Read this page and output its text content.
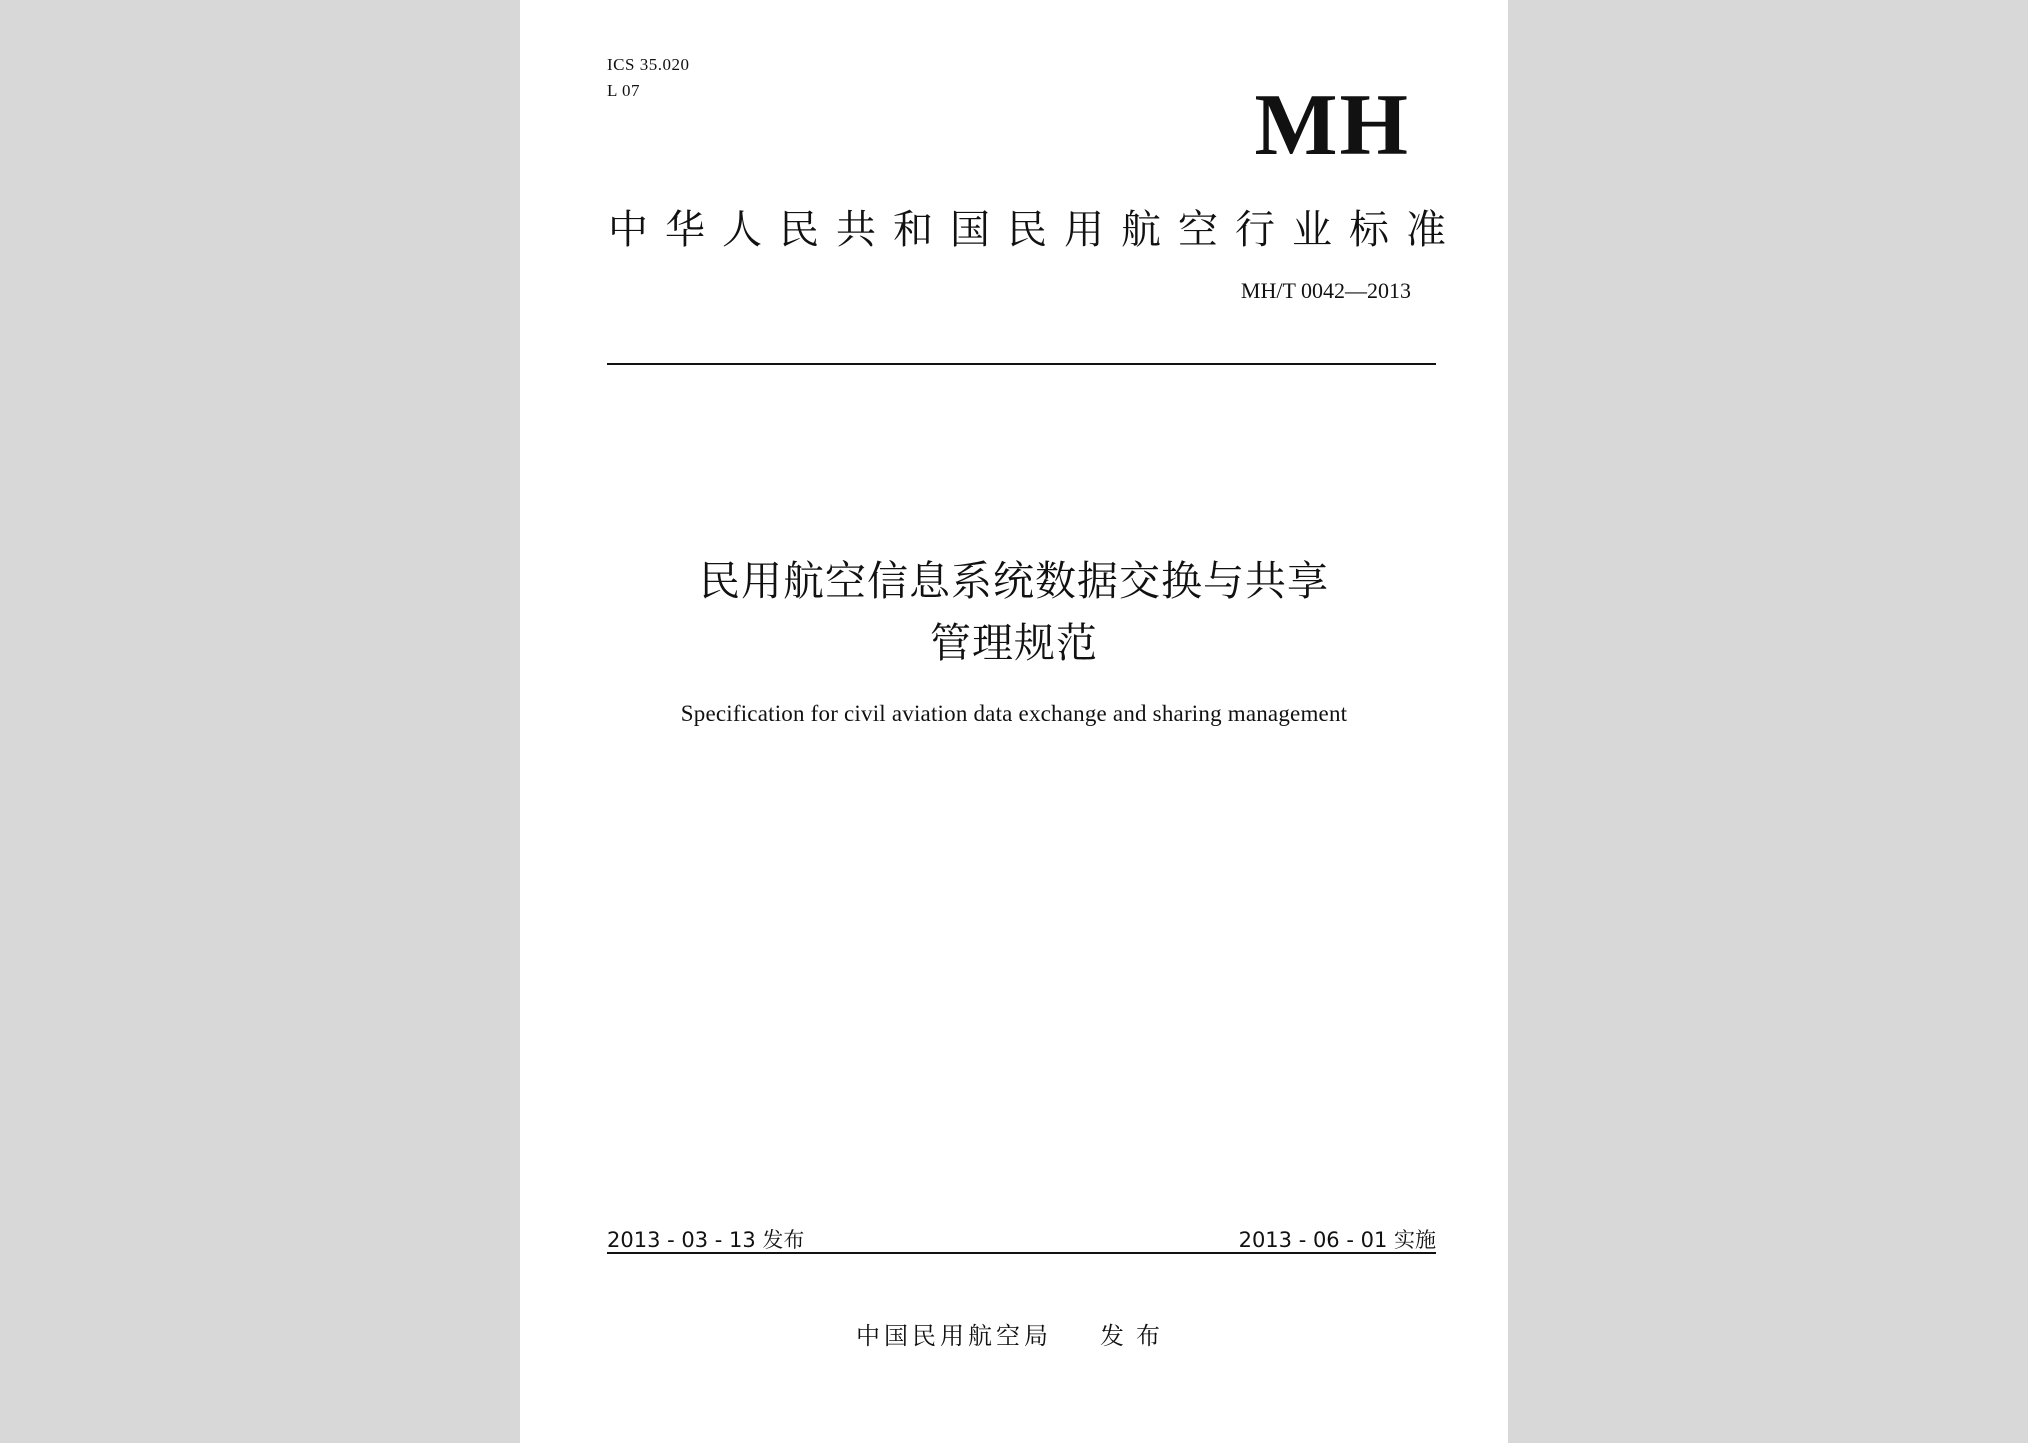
ICS 35.020
L 07	MH
中华人民共和国民用航空行业标准
MH/T 0042—2013
民用航空信息系统数据交换与共享
管理规范
Specification for civil aviation data exchange and sharing management
2013 - 03 - 13 发布	2013 - 06 - 01 实施
中国民用航空局 发布
